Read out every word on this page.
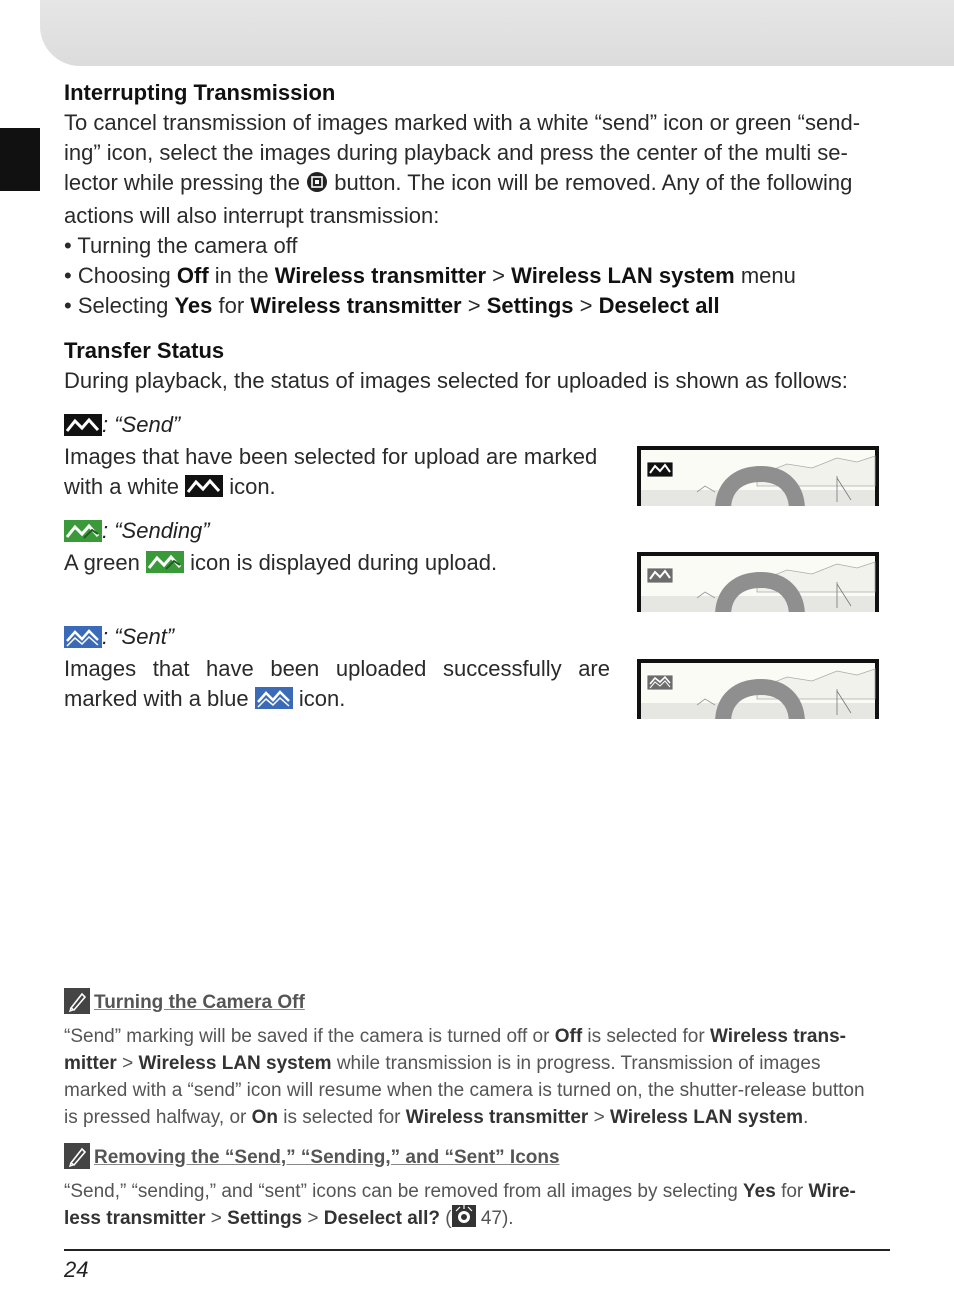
Interrupting Transmission
To cancel transmission of images marked with a white “send” icon or green “send-
ing” icon, select the images during playback and press the center of the multi se-
lector while pressing the button. The icon will be removed. Any of the following
actions will also interrupt transmission:
• Turning the camera off
• Choosing Off in the Wireless transmitter > Wireless LAN system menu
• Selecting Yes for Wireless transmitter > Settings > Deselect all
Transfer Status
During playback, the status of images selected for uploaded is shown as follows:
: “Send”
Images that have been selected for upload are marked
with a white icon.
: “Sending”
A green icon is displayed during upload.
: “Sent”
Images that have been uploaded successfully are
marked with a blue icon.
Turning the Camera Off
“Send” marking will be saved if the camera is turned off or Off is selected for Wireless trans-
mitter > Wireless LAN system while transmission is in progress. Transmission of images
marked with a “send” icon will resume when the camera is turned on, the shutter-release button
is pressed halfway, or On is selected for Wireless transmitter > Wireless LAN system.
Removing the “Send,” “Sending,” and “Sent” Icons
“Send,” “sending,” and “sent” icons can be removed from all images by selecting Yes for Wire-
less transmitter > Settings > Deselect all? ( 47).
24
